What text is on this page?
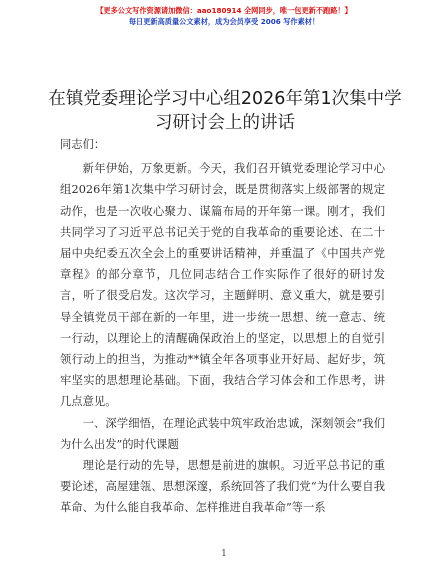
【更多公文写作资源请加微信：aao180914 全网同步，唯一包更新不跑路！】
每日更新高质量公文素材，成为会员享受 2006 写作素材！
在镇党委理论学习中心组2026年第1次集中学习研讨会上的讲话

同志们：

新年伊始，万象更新。今天，我们召开镇党委理论学习中心组2026年第1次集中学习研讨会，既是贯彻落实上级部署的规定动作，也是一次收心聚力、谋篇布局的开年第一课。刚才，我们共同学习了习近平总书记关于党的自我革命的重要论述、在二十届中央纪委五次全会上的重要讲话精神，并重温了《中国共产党章程》的部分章节，几位同志结合工作实际作了很好的研讨发言，听了很受启发。这次学习，主题鲜明、意义重大，就是要引导全镇党员干部在新的一年里，进一步统一思想、统一意志、统一行动，以理论上的清醒确保政治上的坚定，以思想上的自觉引领行动上的担当，为推动**镇全年各项事业开好局、起好步，筑牢坚实的思想理论基础。下面，我结合学习体会和工作思考，讲几点意见。

一、深学细悟，在理论武装中筑牢政治忠诚，深刻领会“我们为什么出发”的时代课题

理论是行动的先导，思想是前进的旗帜。习近平总书记的重要论述，高屋建瓴、思想深邃，系统回答了我们党“为什么要自我革命、为什么能自我革命、怎样推进自我革命”等一系

1
